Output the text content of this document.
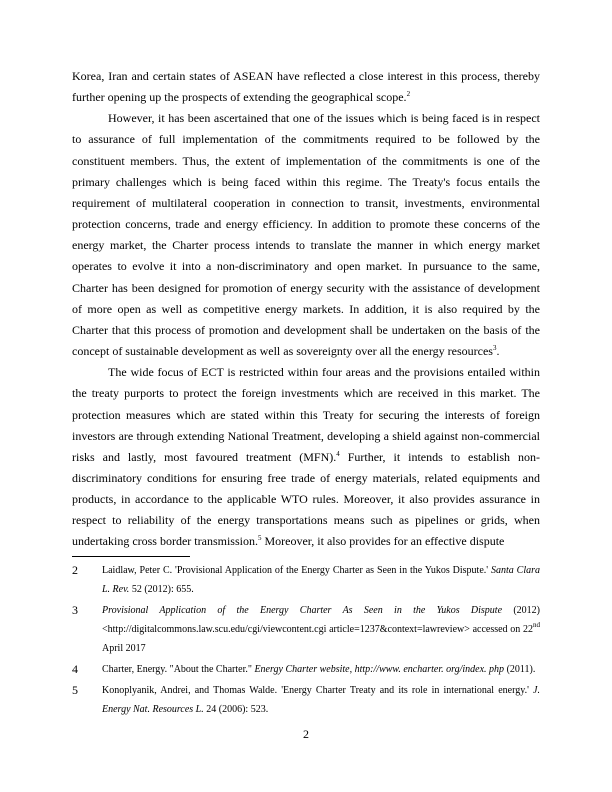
Korea, Iran and certain states of ASEAN have reflected a close interest in this process, thereby further opening up the prospects of extending the geographical scope.$^2$

However, it has been ascertained that one of the issues which is being faced is in respect to assurance of full implementation of the commitments required to be followed by the constituent members. Thus, the extent of implementation of the commitments is one of the primary challenges which is being faced within this regime. The Treaty's focus entails the requirement of multilateral cooperation in connection to transit, investments, environmental protection concerns, trade and energy efficiency. In addition to promote these concerns of the energy market, the Charter process intends to translate the manner in which energy market operates to evolve it into a non-discriminatory and open market. In pursuance to the same, Charter has been designed for promotion of energy security with the assistance of development of more open as well as competitive energy markets. In addition, it is also required by the Charter that this process of promotion and development shall be undertaken on the basis of the concept of sustainable development as well as sovereignty over all the energy resources$^3$.

The wide focus of ECT is restricted within four areas and the provisions entailed within the treaty purports to protect the foreign investments which are received in this market. The protection measures which are stated within this Treaty for securing the interests of foreign investors are through extending National Treatment, developing a shield against non-commercial risks and lastly, most favoured treatment (MFN).$^4$ Further, it intends to establish non-discriminatory conditions for ensuring free trade of energy materials, related equipments and products, in accordance to the applicable WTO rules. Moreover, it also provides assurance in respect to reliability of the energy transportations means such as pipelines or grids, when undertaking cross border transmission.$^5$ Moreover, it also provides for an effective dispute

2	Laidlaw, Peter C. 'Provisional Application of the Energy Charter as Seen in the Yukos Dispute.' Santa Clara L. Rev. 52 (2012): 655.
3	Provisional Application of the Energy Charter As Seen in the Yukos Dispute (2012) <http://digitalcommons.law.scu.edu/cgi/viewcontent.cgi article=1237&context=lawreview> accessed on 22nd April 2017
4	Charter, Energy. "About the Charter." Energy Charter website, http://www. encharter. org/index. php (2011).
5	Konoplyanik, Andrei, and Thomas Walde. 'Energy Charter Treaty and its role in international energy.' J. Energy Nat. Resources L. 24 (2006): 523.
2
